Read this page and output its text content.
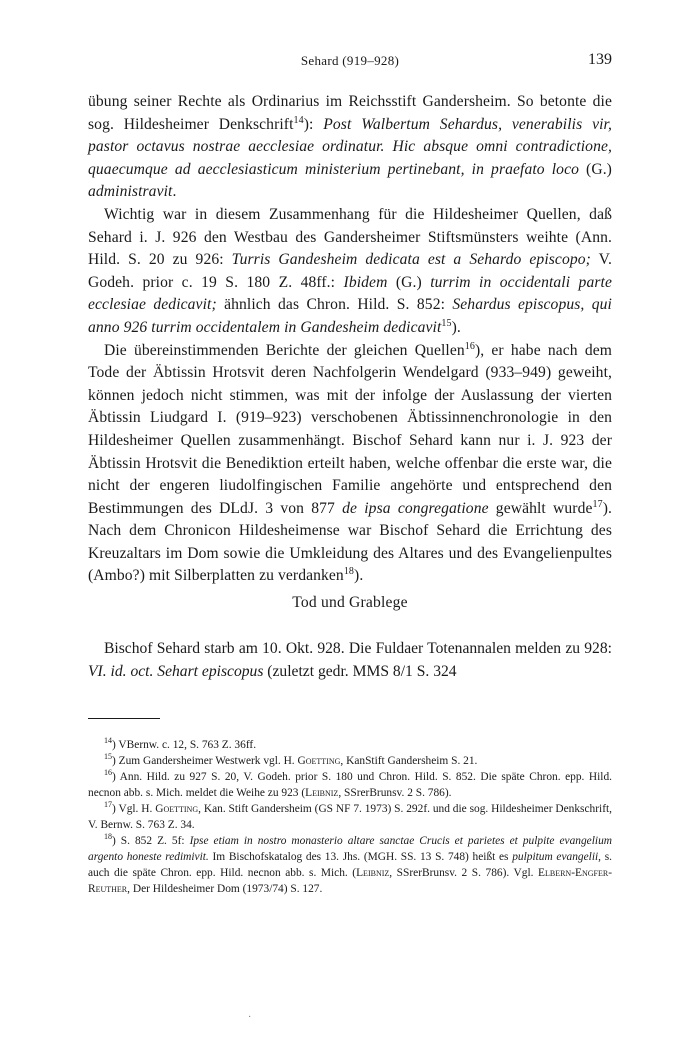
Sehard (919–928)	139

übung seiner Rechte als Ordinarius im Reichsstift Gandersheim. So betonte die sog. Hildesheimer Denkschrift$^{14}$): Post Walbertum Sehardus, venerabilis vir, pastor octavus nostrae aecclesiae ordinatur. Hic absque omni contradictione, quaecumque ad aecclesiasticum ministerium pertinebant, in praefato loco (G.) administravit.

Wichtig war in diesem Zusammenhang für die Hildesheimer Quellen, daß Sehard i. J. 926 den Westbau des Gandersheimer Stiftsmünsters weihte (Ann. Hild. S. 20 zu 926: Turris Gandesheim dedicata est a Sehardo episcopo; V. Godeh. prior c. 19 S. 180 Z. 48ff.: Ibidem (G.) turrim in occidentali parte ecclesiae dedicavit; ähnlich das Chron. Hild. S. 852: Sehardus episcopus, qui anno 926 turrim occidentalem in Gandesheim dedicavit$^{15}$).

Die übereinstimmenden Berichte der gleichen Quellen$^{16}$), er habe nach dem Tode der Äbtissin Hrotsvit deren Nachfolgerin Wendelgard (933–949) geweiht, können jedoch nicht stimmen, was mit der infolge der Auslassung der vierten Äbtissin Liudgard I. (919–923) verschobenen Äbtissinnenchronologie in den Hildesheimer Quellen zusammenhängt. Bischof Sehard kann nur i. J. 923 der Äbtissin Hrotsvit die Benediktion erteilt haben, welche offenbar die erste war, die nicht der engeren liudolfingischen Familie angehörte und entsprechend den Bestimmungen des DLdJ. 3 von 877 de ipsa congregatione gewählt wurde$^{17}$). Nach dem Chronicon Hildesheimense war Bischof Sehard die Errichtung des Kreuzaltars im Dom sowie die Umkleidung des Altares und des Evangelienpultes (Ambo?) mit Silberplatten zu verdanken$^{18}$).

Tod und Grablege

Bischof Sehard starb am 10. Okt. 928. Die Fuldaer Totenannalen melden zu 928: VI. id. oct. Sehart episcopus (zuletzt gedr. MMS 8/1 S. 324

$^{14}$) VBernw. c. 12, S. 763 Z. 36ff.

$^{15}$) Zum Gandersheimer Westwerk vgl. H. Goetting, KanStift Gandersheim S. 21.

$^{16}$) Ann. Hild. zu 927 S. 20, V. Godeh. prior S. 180 und Chron. Hild. S. 852. Die späte Chron. epp. Hild. necnon abb. s. Mich. meldet die Weihe zu 923 (Leibniz, SSrerBrunsv. 2 S. 786).

$^{17}$) Vgl. H. Goetting, Kan. Stift Gandersheim (GS NF 7. 1973) S. 292f. und die sog. Hildesheimer Denkschrift, V. Bernw. S. 763 Z. 34.

$^{18}$) S. 852 Z. 5f: Ipse etiam in nostro monasterio altare sanctae Crucis et parietes et pulpite evangelium argento honeste redimivit. Im Bischofskatalog des 13. Jhs. (MGH. SS. 13 S. 748) heißt es pulpitum evangelii, s. auch die späte Chron. epp. Hild. necnon abb. s. Mich. (Leibniz, SSrerBrunsv. 2 S. 786). Vgl. Elbern-Engfer-Reuther, Der Hildesheimer Dom (1973/74) S. 127.

·
